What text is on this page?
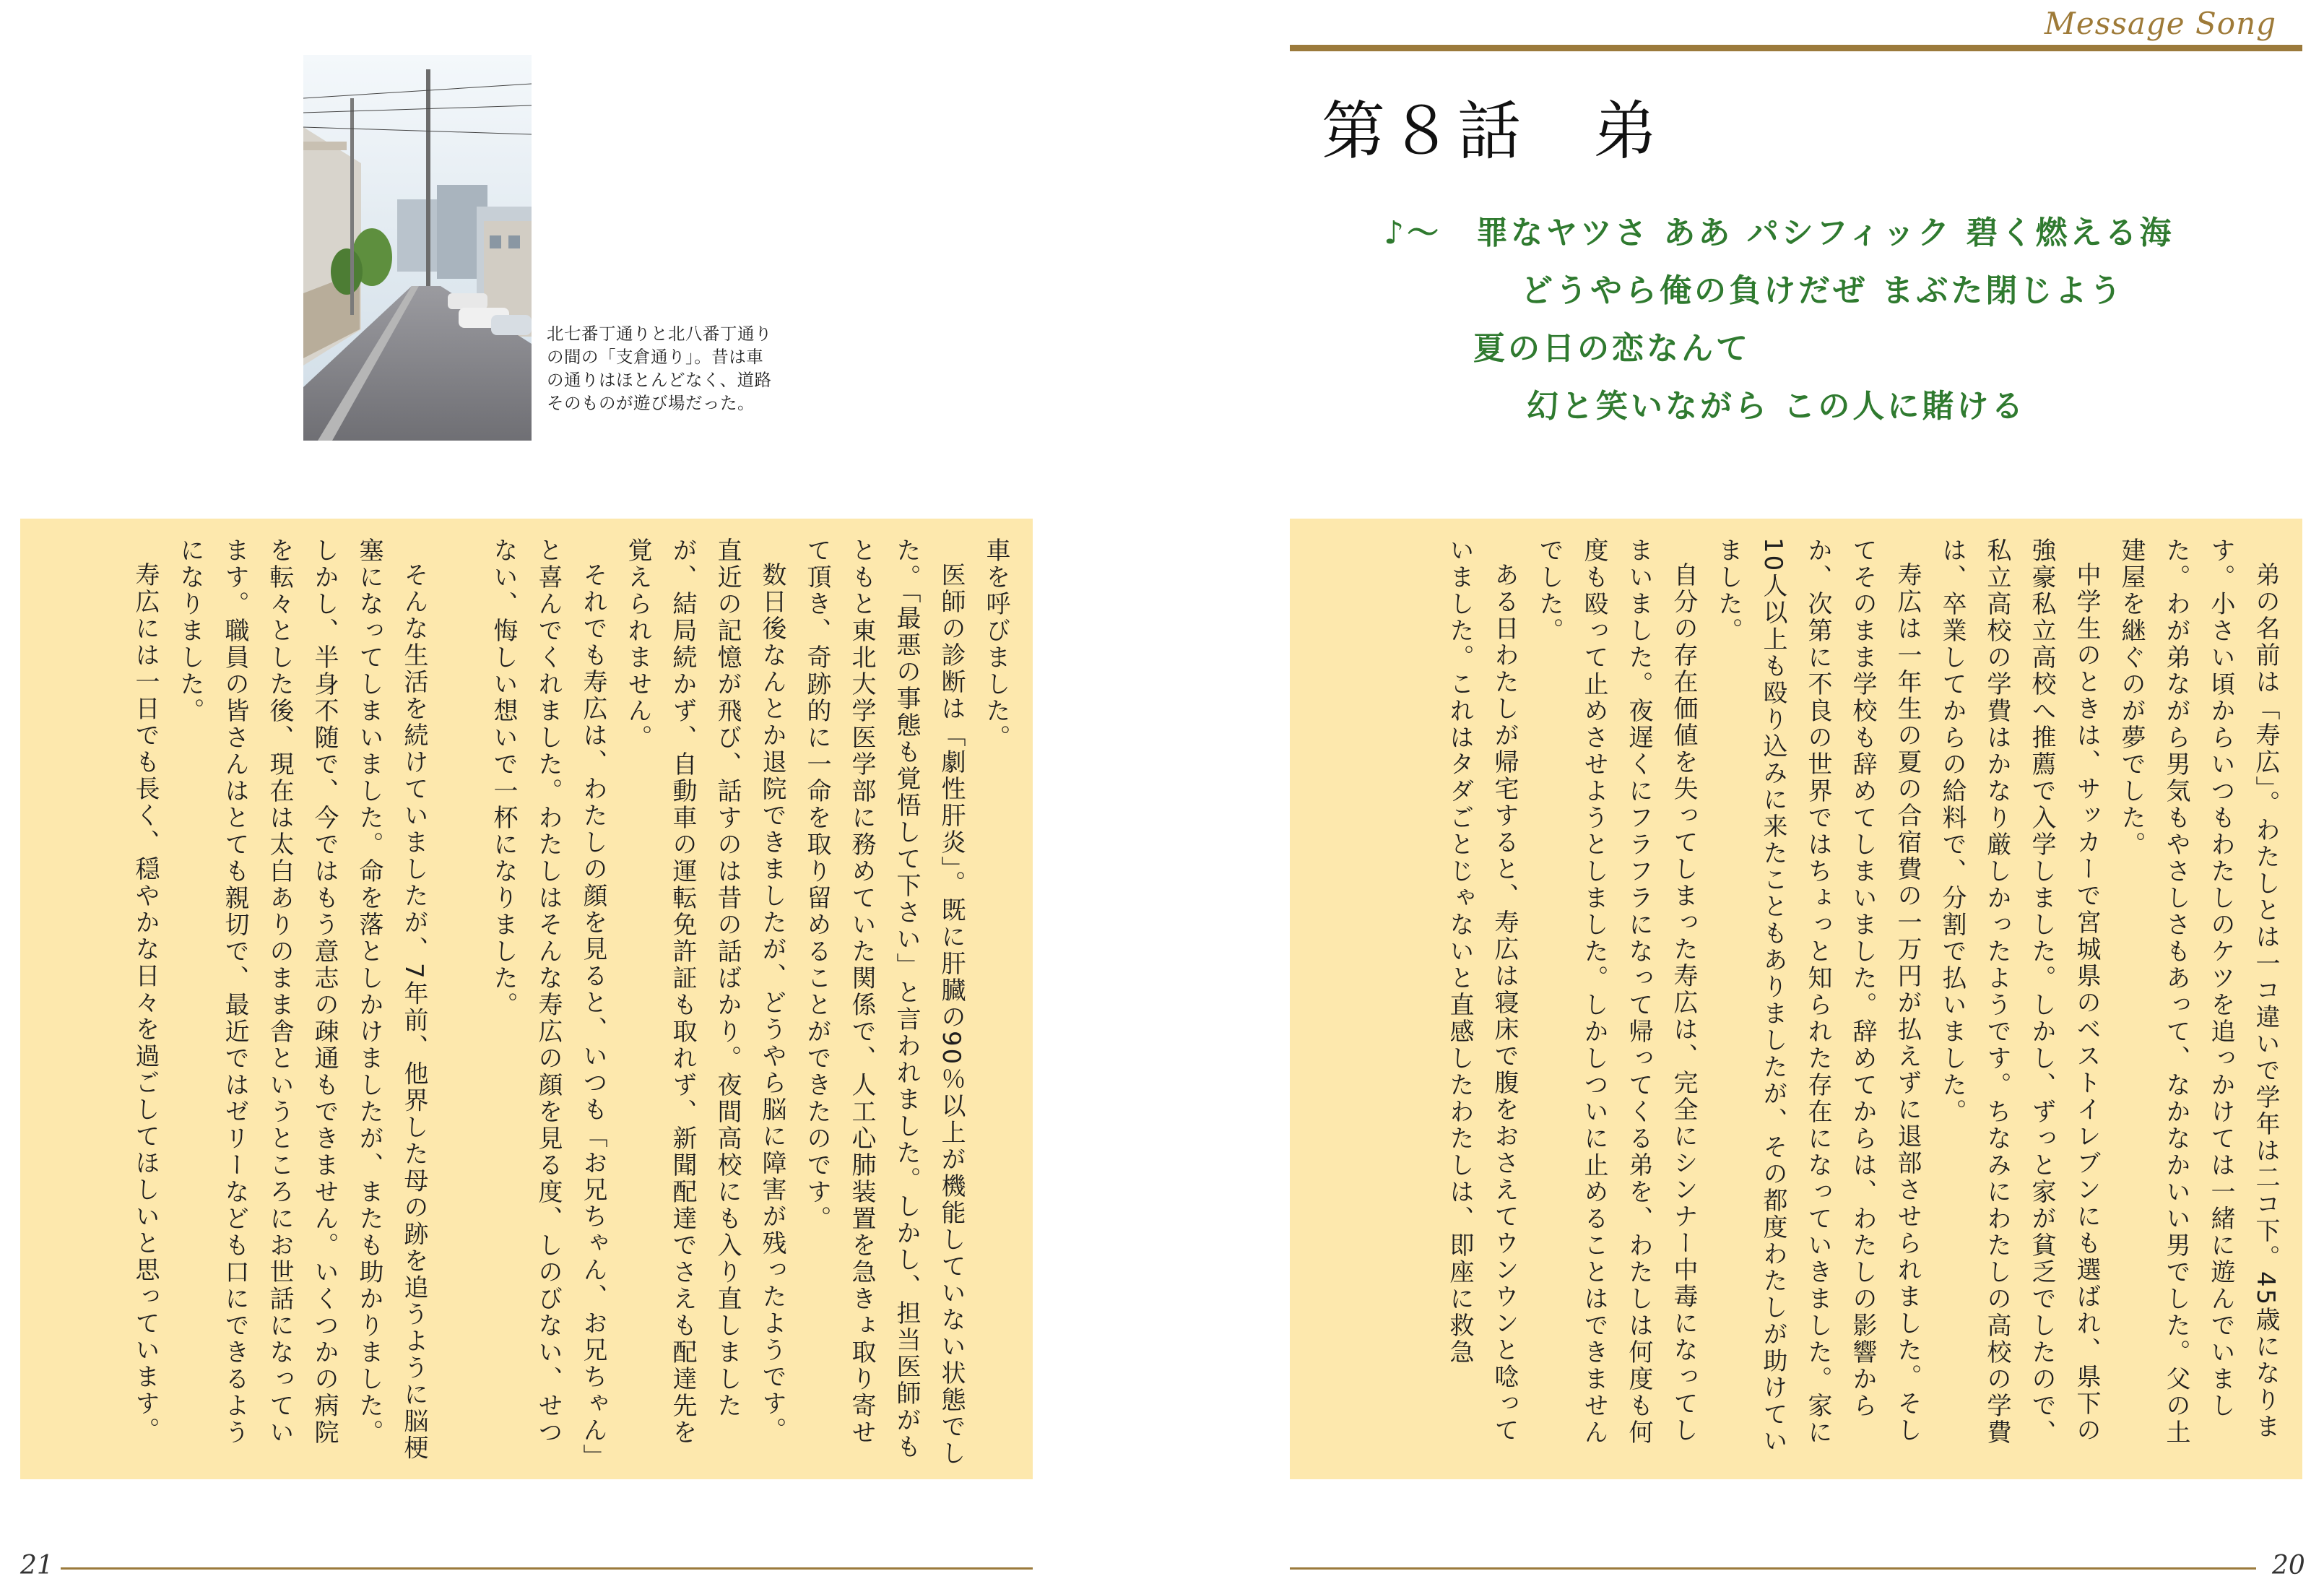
北七番丁通りと北八番丁通り
の間の「支倉通り」。昔は車
の通りはほとんどなく、道路
そのものが遊び場だった。

車を呼びました。

医師の診断は「劇性肝炎」。既に肝臓の90％以上が機能していない状態でした。「最悪の事態も覚悟して下さい」と言われました。しかし、担当医師がもともと東北大学医学部に務めていた関係で、人工心肺装置を急きょ取り寄せて頂き、奇跡的に一命を取り留めることができたのです。

数日後なんとか退院できましたが、どうやら脳に障害が残ったようです。直近の記憶が飛び、話すのは昔の話ばかり。夜間高校にも入り直しましたが、結局続かず、自動車の運転免許証も取れず、新聞配達でさえも配達先を覚えられません。

それでも寿広は、わたしの顔を見ると、いつも「お兄ちゃん、お兄ちゃん」と喜んでくれました。わたしはそんな寿広の顔を見る度、しのびない、せつない、悔しい想いで一杯になりました。

そんな生活を続けていましたが、7年前、他界した母の跡を追うように脳梗塞になってしまいました。命を落としかけましたが、またも助かりました。しかし、半身不随で、今ではもう意志の疎通もできません。いくつかの病院を転々とした後、現在は太白ありのまま舎というところにお世話になっています。職員の皆さんはとても親切で、最近ではゼリーなども口にできるようになりました。

寿広には一日でも長く、穏やかな日々を過ごしてほしいと思っています。

21
Message Song
第８話　弟
♪～　罪なヤツさ ああ パシフィック 碧く燃える海
どうやら俺の負けだぜ まぶた閉じよう
夏の日の恋なんて
幻と笑いながら この人に賭ける

弟の名前は「寿広」。わたしとは一コ違いで学年は二コ下。45歳になります。小さい頃からいつもわたしのケツを追っかけては一緒に遊んでいました。わが弟ながら男気もやさしさもあって、なかなかいい男でした。父の土建屋を継ぐのが夢でした。

中学生のときは、サッカーで宮城県のベストイレブンにも選ばれ、県下の強豪私立高校へ推薦で入学しました。しかし、ずっと家が貧乏でしたので、私立高校の学費はかなり厳しかったようです。ちなみにわたしの高校の学費は、卒業してからの給料で、分割で払いました。

寿広は一年生の夏の合宿費の一万円が払えずに退部させられました。そしてそのまま学校も辞めてしまいました。辞めてからは、わたしの影響からか、次第に不良の世界ではちょっと知られた存在になっていきました。家に10人以上も殴り込みに来たこともありましたが、その都度わたしが助けていました。

自分の存在価値を失ってしまった寿広は、完全にシンナー中毒になってしまいました。夜遅くにフラフラになって帰ってくる弟を、わたしは何度も何度も殴って止めさせようとしました。しかしついに止めることはできませんでした。

ある日わたしが帰宅すると、寿広は寝床で腹をおさえてウンウンと唸っていました。これはタダごとじゃないと直感したわたしは、即座に救急

20
